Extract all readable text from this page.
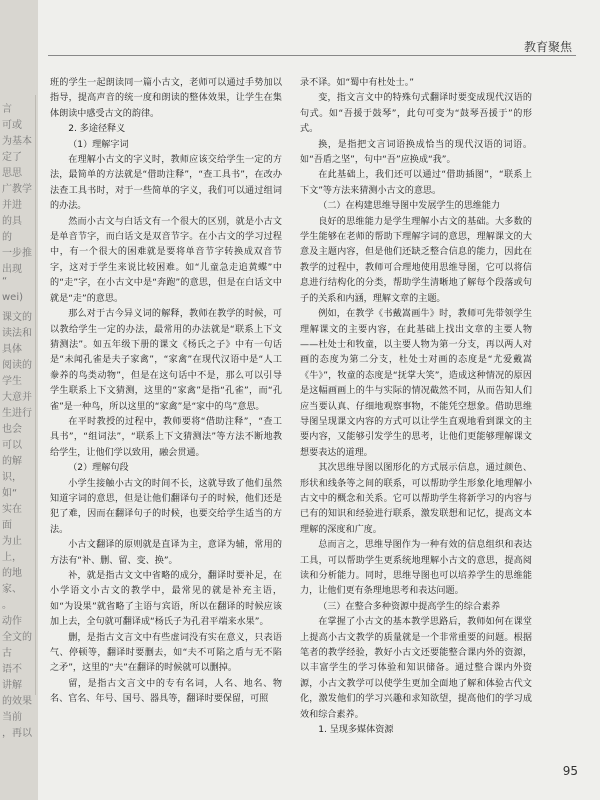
言
可或
为基本
定了
思思
广教学
并进
的具
的
一步推
出现
“
wei)
课文的
读法和
具体
阅读的
学生
大意并
生进行
也会
可以
的解
识，
如“
实在
面
为止
上，
的地
家、
。
动作
全文的
古
语不
讲解
的效果
当前
，再以
教育聚焦

班的学生一起朗读同一篇小古文，老师可以通过手势加以指导，提高声音的统一度和朗读的整体效果，让学生在集体朗读中感受古文的韵律。

2. 多途径释义

（1）理解字词

在理解小古文的字义时，教师应该交给学生一定的方法，最简单的方法就是“借助注释”，“查工具书”，在改办法查工具书时，对于一些简单的字义，我们可以通过组词的办法。

然而小古文与白话文有一个很大的区别，就是小古文是单音节字，而白话文是双音节字。在小古文的学习过程中，有一个很大的困难就是要将单音节字转换成双音节字，这对于学生来说比较困难。如“儿童急走追黄蝶”中的“走”字，在小古文中是“奔跑”的意思，但是在白话文中就是“走”的意思。

那么对于古今异义词的解释，教师在教学的时候，可以教给学生一定的办法，最常用的办法就是“联系上下文猜测法”。如五年级下册的课文《杨氏之子》中有一句话是“未闻孔雀是夫子家禽”，“家禽”在现代汉语中是“人工豢养的鸟类动物”，但是在这句话中不是，那么可以引导学生联系上下文猜测，这里的“家禽”是指“孔雀”，而“孔雀”是一种鸟，所以这里的“家禽”是“家中的鸟”意思。

在平时教授的过程中，教师要将“借助注释”，“查工具书”，“组词法”，“联系上下文猜测法”等方法不断地教给学生，让他们学以致用，融会贯通。

（2）理解句段

小学生接触小古文的时间不长，这就导致了他们虽然知道字词的意思，但是让他们翻译句子的时候，他们还是犯了难，因而在翻译句子的时候，也要交给学生适当的方法。

小古文翻译的原则就是直译为主，意译为辅，常用的方法有“补、删、留、变、换”。

补，就是指古文文中省略的成分，翻译时要补足，在小学语文小古文的教学中，最常见的就是补充主语，如“为设果”就省略了主语与宾语，所以在翻译的时候应该加上去，全句就可翻译成“杨氏子为孔君平端来水果”。

删，是指古文言文中有些虚词没有实在意义，只表语气、停顿等，翻译时要删去，如“夫不可陷之盾与无不陷之矛”，这里的“夫”在翻译的时候就可以删掉。

留，是指古文言文中的专有名词，人名、地名、物名、官名、年号、国号、器具等，翻译时要保留，可照

录不译。如“蜀中有杜处士。”

变，指文言文中的特殊句式翻译时要变成现代汉语的句式。如“吾援于鼓琴”，此句可变为“鼓琴吾援于”的形式。

换，是指把文言词语换成恰当的现代汉语的词语。如“吾盾之坚”，句中“吾”应换成“我”。

在此基础上，我们还可以通过“借助插图”，“联系上下文”等方法来猜测小古文的意思。

（二）在构建思维导图中发展学生的思维能力

良好的思维能力是学生理解小古文的基础。大多数的学生能够在老师的帮助下理解字词的意思，理解课文的大意及主题内容，但是他们还缺乏整合信息的能力，因此在教学的过程中，教师可合理地使用思维导图，它可以将信息进行结构化的分类，帮助学生清晰地了解每个段落或句子的关系和内涵，理解文章的主题。

例如，在教学《书戴嵩画牛》时，教师可先带领学生理解课文的主要内容，在此基础上找出文章的主要人物——杜处士和牧童，以主要人物为第一分支，再以两人对画的态度为第二分支，杜处士对画的态度是“尤爱戴嵩《牛》”，牧童的态度是“抚掌大笑”，造成这种情况的原因是这幅画画上的牛与实际的情况截然不同，从而告知人们应当要认真、仔细地观察事物，不能凭空想象。借助思维导图呈现课文内容的方式可以让学生直观地看到课文的主要内容，又能够引发学生的思考，让他们更能够理解课文想要表达的道理。

其次思维导图以图形化的方式展示信息，通过颜色、形状和线条等之间的联系，可以帮助学生形象化地理解小古文中的概念和关系。它可以帮助学生将新学习的内容与已有的知识和经验进行联系，激发联想和记忆，提高文本理解的深度和广度。

总而言之，思维导图作为一种有效的信息组织和表达工具，可以帮助学生更系统地理解小古文的意思，提高阅读和分析能力。同时，思维导图也可以培养学生的思维能力，让他们更有条理地思考和表达问题。

（三）在整合多种资源中提高学生的综合素养

在掌握了小古文的基本教学思路后，教师如何在课堂上提高小古文教学的质量就是一个非常重要的问题。根据笔者的教学经验，教好小古文还要能整合课内外的资源，以丰富学生的学习体验和知识储备。通过整合课内外资源，小古文教学可以使学生更加全面地了解和体验古代文化，激发他们的学习兴趣和求知欲望，提高他们的学习成效和综合素养。

1. 呈现多媒体资源

95
